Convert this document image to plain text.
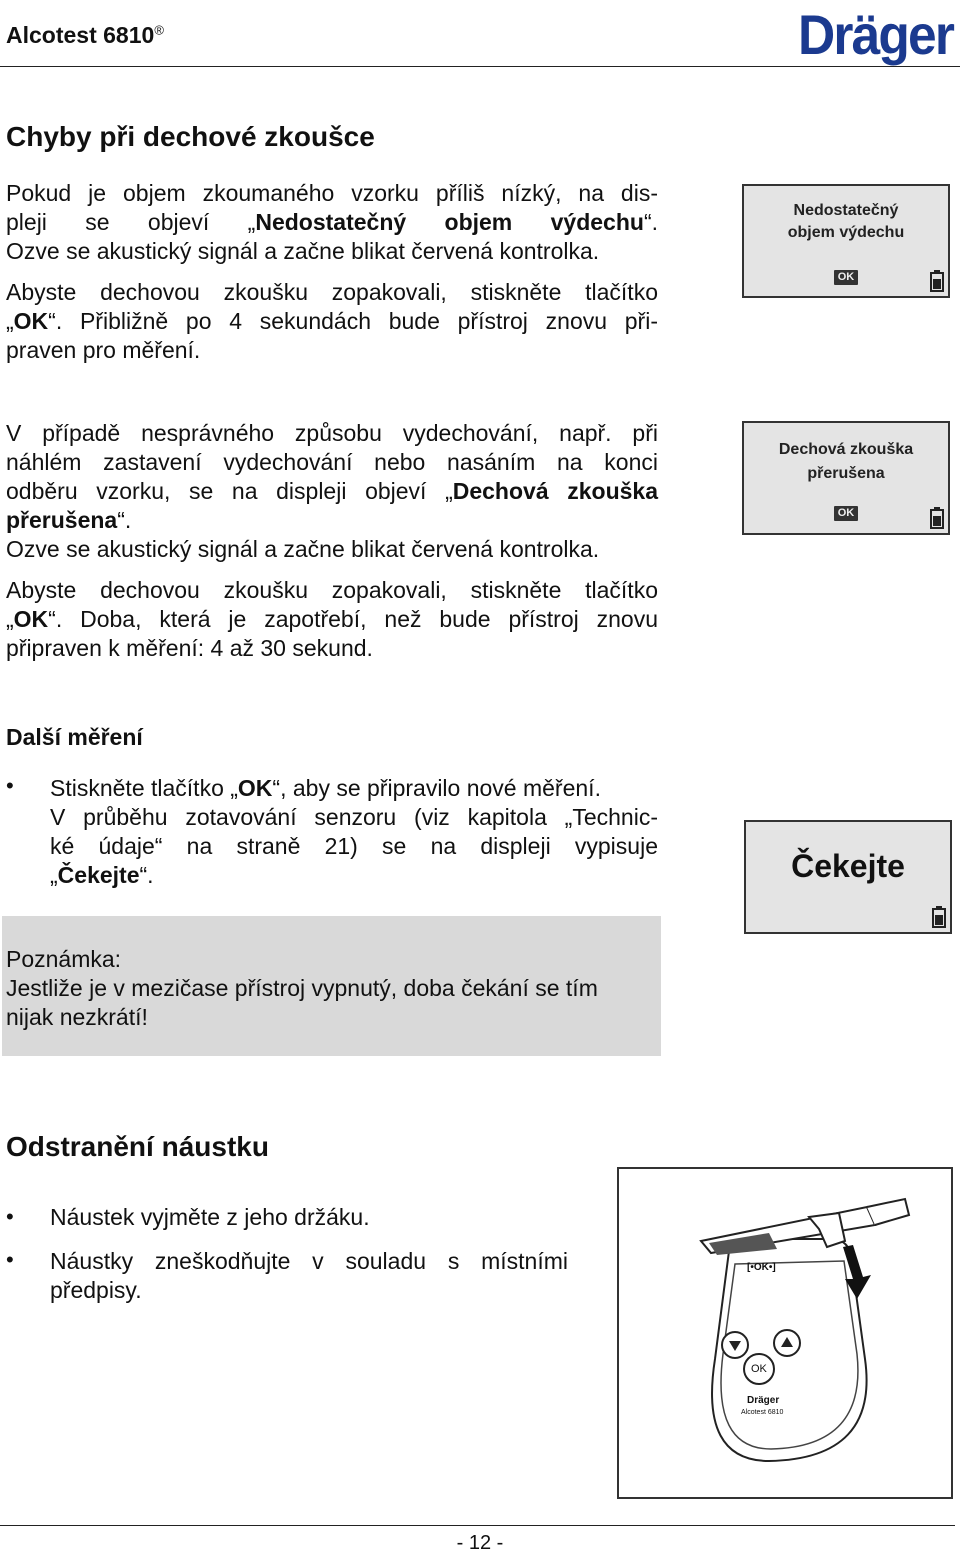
Alcotest 6810®	Dräger
Chyby při dechové zkoušce
Pokud je objem zkoumaného vzorku příliš nízký, na dis-
pleji se objeví „Nedostatečný objem výdechu“.
Ozve se akustický signál a začne blikat červená kontrolka.
Abyste dechovou zkoušku zopakovali, stiskněte tlačítko
„OK“. Přibližně po 4 sekundách bude přístroj znovu při-
praven pro měření.
Nedostatečný
objem výdechu
OK
V případě nesprávného způsobu vydechování, např. při
náhlém zastavení vydechování nebo nasáním na konci
odběru vzorku, se na displeji objeví „Dechová zkouška
přerušena“.
Ozve se akustický signál a začne blikat červená kontrolka.
Abyste dechovou zkoušku zopakovali, stiskněte tlačítko
„OK“. Doba, která je zapotřebí, než bude přístroj znovu
připraven k měření: 4 až 30 sekund.
Dechová zkouška
přerušena
OK
Další měření
• Stiskněte tlačítko „OK“, aby se připravilo nové měření.
V průběhu zotavování senzoru (viz kapitola „Technic-
ké údaje“ na straně 21) se na displeji vypisuje
„Čekejte“.	Čekejte
Poznámka:
Jestliže je v mezičase přístroj vypnutý, doba čekání se tím
nijak nezkrátí!
Odstranění náustku
• Náustek vyjměte z jeho držáku.
• Náustky zneškodňujte v souladu s místními
předpisy.
[•OK•]
OK
Dräger
Alcotest 6810
- 12 -
